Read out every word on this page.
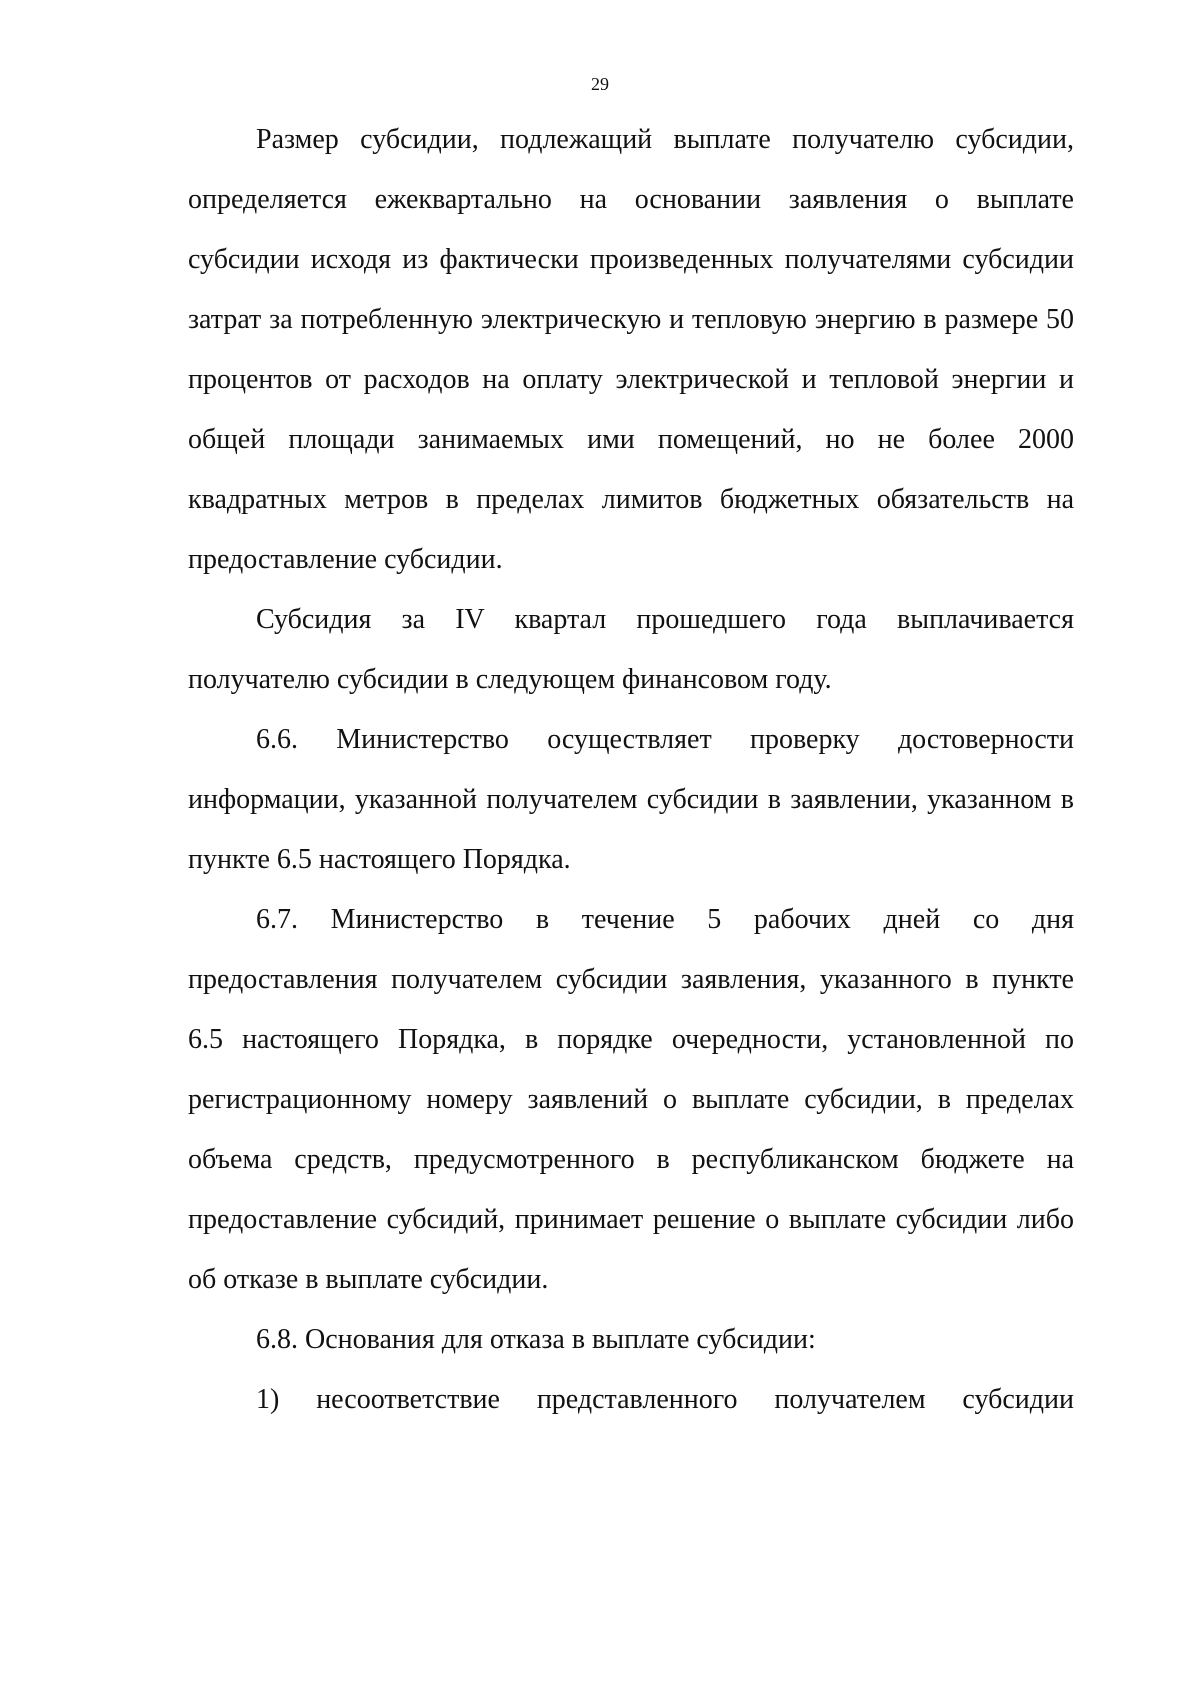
29
Размер субсидии, подлежащий выплате получателю субсидии,
определяется ежеквартально на основании заявления о выплате
субсидии исходя из фактически произведенных получателями субсидии
затрат за потребленную электрическую и тепловую энергию в размере 50
процентов от расходов на оплату электрической и тепловой энергии и
общей площади занимаемых ими помещений, но не более 2000
квадратных метров в пределах лимитов бюджетных обязательств на
предоставление субсидии.
Субсидия за IV квартал прошедшего года выплачивается
получателю субсидии в следующем финансовом году.
6.6. Министерство осуществляет проверку достоверности
информации, указанной получателем субсидии в заявлении, указанном в
пункте 6.5 настоящего Порядка.
6.7. Министерство в течение 5 рабочих дней со дня
предоставления получателем субсидии заявления, указанного в пункте
6.5 настоящего Порядка, в порядке очередности, установленной по
регистрационному номеру заявлений о выплате субсидии, в пределах
объема средств, предусмотренного в республиканском бюджете на
предоставление субсидий, принимает решение о выплате субсидии либо
об отказе в выплате субсидии.
6.8. Основания для отказа в выплате субсидии:
1) несоответствие представленного получателем субсидии
